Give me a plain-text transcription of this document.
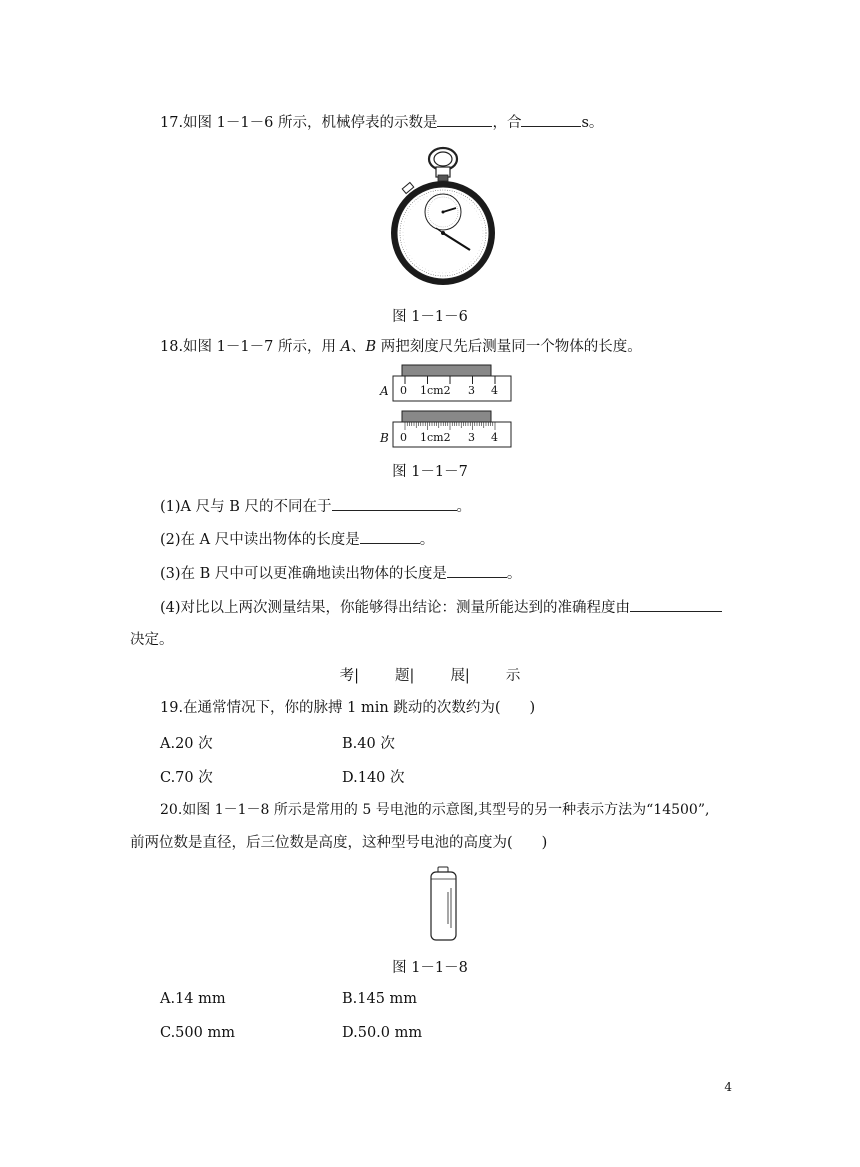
17.如图 1－1－6 所示，机械停表的示数是	，合	s。
图 1－1－6
18.如图 1－1－7 所示，用 A、B 两把刻度尺先后测量同一个物体的长度。
A 0 1cm2 3 4
B 0 1cm2 3 4
图 1－1－7
(1)A 尺与 B 尺的不同在于	。
(2)在 A 尺中读出物体的长度是	。
(3)在 B 尺中可以更准确地读出物体的长度是	。
(4)对比以上两次测量结果，你能够得出结论：测量所能达到的准确程度由
决定。
考| 题| 展| 示
19.在通常情况下，你的脉搏 1 min 跳动的次数约为(　　)
A.20 次	B.40 次
C.70 次	D.140 次
20.如图 1－1－8 所示是常用的 5 号电池的示意图,其型号的另一种表示方法为“14500”,
前两位数是直径，后三位数是高度，这种型号电池的高度为(　　)
图 1－1－8
A.14 mm	B.145 mm
C.500 mm	D.50.0 mm
4
